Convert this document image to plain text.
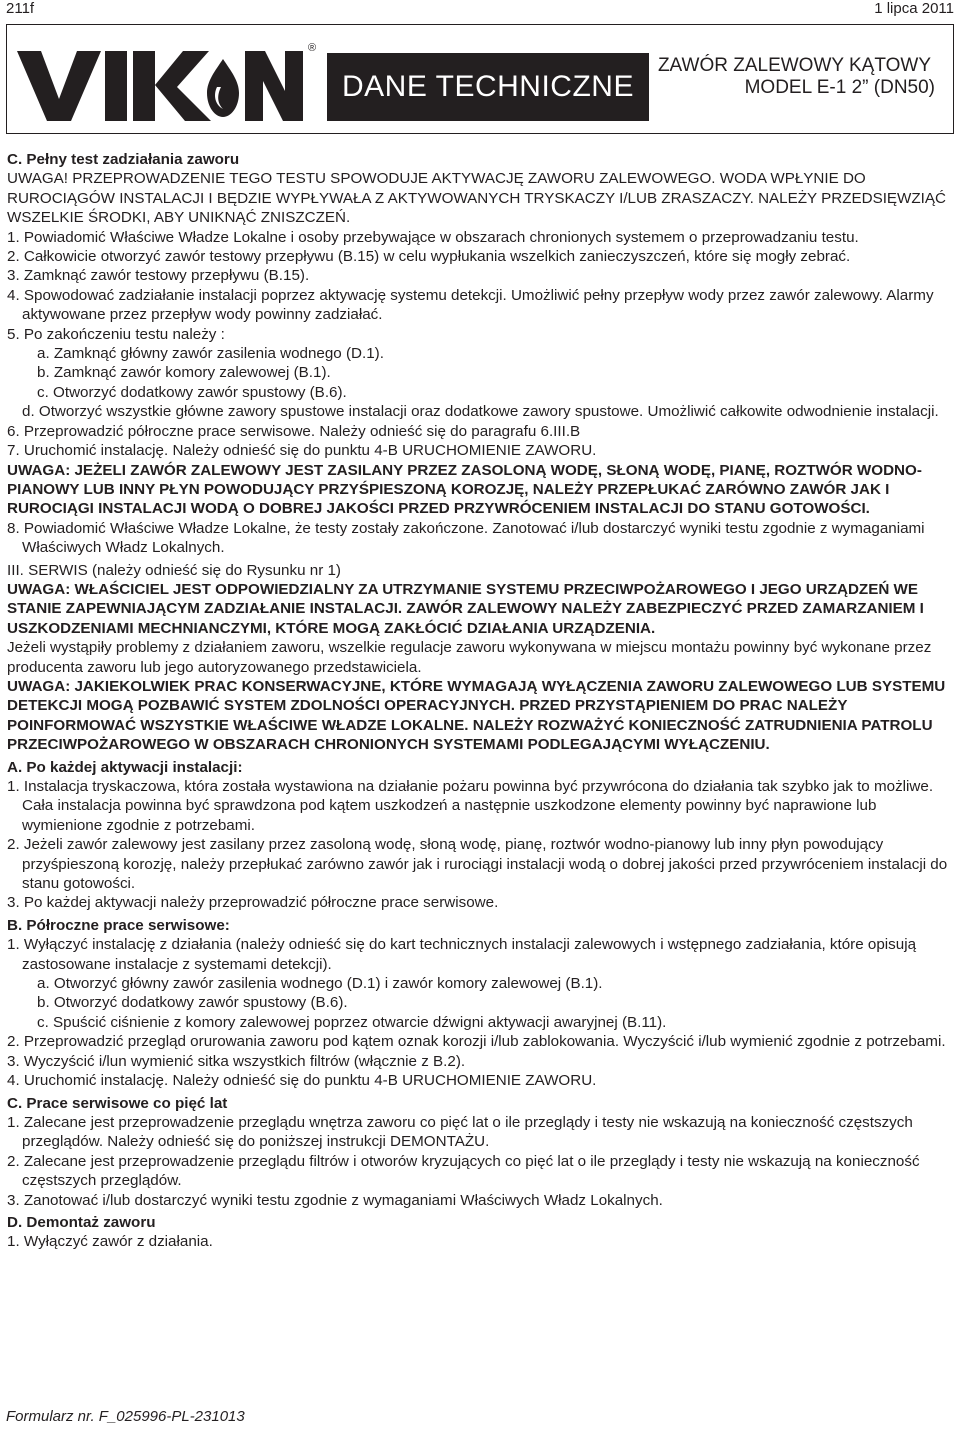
211f	1 lipca 2011
®
DANE TECHNICZNE
ZAWÓR ZALEWOWY KĄTOWY
MODEL E-1 2” (DN50)

C. Pełny test zadziałania zaworu

UWAGA! PRZEPROWADZENIE TEGO TESTU SPOWODUJE AKTYWACJĘ ZAWORU ZALEWOWEGO. WODA WPŁYNIE DO RUROCIĄGÓW INSTALACJI I BĘDZIE WYPŁYWAŁA Z AKTYWOWANYCH TRYSKACZY I/LUB ZRASZACZY. NALEŻY PRZEDSIĘWZIĄĆ WSZELKIE ŚRODKI, ABY UNIKNĄĆ ZNISZCZEŃ.

1. Powiadomić Właściwe Władze Lokalne i osoby przebywające w obszarach chronionych systemem o przeprowadzaniu testu.

2. Całkowicie otworzyć zawór testowy przepływu (B.15) w celu wypłukania wszelkich zanieczyszczeń, które się mogły zebrać.

3. Zamknąć zawór testowy przepływu (B.15).

4. Spowodować zadziałanie instalacji poprzez aktywację systemu detekcji. Umożliwić pełny przepływ wody przez zawór zalewowy. Alarmy aktywowane przez przepływ wody powinny zadziałać.

5. Po zakończeniu testu należy :

a. Zamknąć główny zawór zasilenia wodnego (D.1).

b. Zamknąć zawór komory zalewowej (B.1).

c. Otworzyć dodatkowy zawór spustowy (B.6).

d. Otworzyć wszystkie główne zawory spustowe instalacji oraz dodatkowe zawory spustowe. Umożliwić całkowite odwodnienie instalacji.

6. Przeprowadzić półroczne prace serwisowe. Należy odnieść się do paragrafu 6.III.B

7. Uruchomić instalację. Należy odnieść się do punktu 4-B URUCHOMIENIE ZAWORU.

UWAGA: JEŻELI ZAWÓR ZALEWOWY JEST ZASILANY PRZEZ ZASOLONĄ WODĘ, SŁONĄ WODĘ, PIANĘ, ROZTWÓR WODNO-PIANOWY LUB INNY PŁYN POWODUJĄCY PRZYŚPIESZONĄ KOROZJĘ, NALEŻY PRZEPŁUKAĆ ZARÓWNO ZAWÓR JAK I RUROCIĄGI INSTALACJI WODĄ O DOBREJ JAKOŚCI PRZED PRZYWRÓCENIEM INSTALACJI DO STANU GOTOWOŚCI.

8. Powiadomić Właściwe Władze Lokalne, że testy zostały zakończone. Zanotować i/lub dostarczyć wyniki testu zgodnie z wymaganiami Właściwych Władz Lokalnych.

III. SERWIS (należy odnieść się do Rysunku nr 1)

UWAGA: WŁAŚCICIEL JEST ODPOWIEDZIALNY ZA UTRZYMANIE SYSTEMU PRZECIWPOŻAROWEGO I JEGO URZĄDZEŃ WE STANIE ZAPEWNIAJĄCYM ZADZIAŁANIE INSTALACJI. ZAWÓR ZALEWOWY NALEŻY ZABEZPIECZYĆ PRZED ZAMARZANIEM I USZKODZENIAMI MECHNIANCZYMI, KTÓRE MOGĄ ZAKŁÓCIĆ DZIAŁANIA URZĄDZENIA.

Jeżeli wystąpiły problemy z działaniem zaworu, wszelkie regulacje zaworu wykonywana w miejscu montażu powinny być wykonane przez producenta zaworu lub jego autoryzowanego przedstawiciela.

UWAGA: JAKIEKOLWIEK PRAC KONSERWACYJNE, KTÓRE WYMAGAJĄ WYŁĄCZENIA ZAWORU ZALEWOWEGO LUB SYSTEMU DETEKCJI MOGĄ POZBAWIĆ SYSTEM ZDOLNOŚCI OPERACYJNYCH. PRZED PRZYSTĄPIENIEM DO PRAC NALEŻY POINFORMOWAĆ WSZYSTKIE WŁAŚCIWE WŁADZE LOKALNE. NALEŻY ROZWAŻYĆ KONIECZNOŚĆ ZATRUDNIENIA PATROLU PRZECIWPOŻAROWEGO W OBSZARACH CHRONIONYCH SYSTEMAMI PODLEGAJĄCYMI WYŁĄCZENIU.

A. Po każdej aktywacji instalacji:

1. Instalacja tryskaczowa, która została wystawiona na działanie pożaru powinna być przywrócona do działania tak szybko jak to możliwe. Cała instalacja powinna być sprawdzona pod kątem uszkodzeń a następnie uszkodzone elementy powinny być naprawione lub wymienione zgodnie z potrzebami.

2. Jeżeli zawór zalewowy jest zasilany przez zasoloną wodę, słoną wodę, pianę, roztwór wodno-pianowy lub inny płyn powodujący przyśpieszoną korozję, należy przepłukać zarówno zawór jak i rurociągi instalacji wodą o dobrej jakości przed przywróceniem instalacji do stanu gotowości.

3. Po każdej aktywacji należy przeprowadzić półroczne prace serwisowe.

B. Półroczne prace serwisowe:

1. Wyłączyć instalację z działania (należy odnieść się do kart technicznych instalacji zalewowych i wstępnego zadziałania, które opisują zastosowane instalacje z systemami detekcji).

a. Otworzyć główny zawór zasilenia wodnego (D.1) i zawór komory zalewowej (B.1).

b. Otworzyć dodatkowy zawór spustowy (B.6).

c. Spuścić ciśnienie z komory zalewowej poprzez otwarcie dźwigni aktywacji awaryjnej (B.11).

2. Przeprowadzić przegląd orurowania zaworu pod kątem oznak korozji i/lub zablokowania. Wyczyścić i/lub wymienić zgodnie z potrzebami.

3. Wyczyścić i/lun wymienić sitka wszystkich filtrów (włącznie z B.2).

4. Uruchomić instalację. Należy odnieść się do punktu 4-B URUCHOMIENIE ZAWORU.

C. Prace serwisowe co pięć lat

1. Zalecane jest przeprowadzenie przeglądu wnętrza zaworu co pięć lat o ile przeglądy i testy nie wskazują na konieczność częstszych przeglądów. Należy odnieść się do poniższej instrukcji DEMONTAŻU.

2. Zalecane jest przeprowadzenie przeglądu filtrów i otworów kryzujących co pięć lat o ile przeglądy i testy nie wskazują na konieczność częstszych przeglądów.

3. Zanotować i/lub dostarczyć wyniki testu zgodnie z wymaganiami Właściwych Władz Lokalnych.

D. Demontaż zaworu

1. Wyłączyć zawór z działania.

Formularz nr. F_025996-PL-231013
